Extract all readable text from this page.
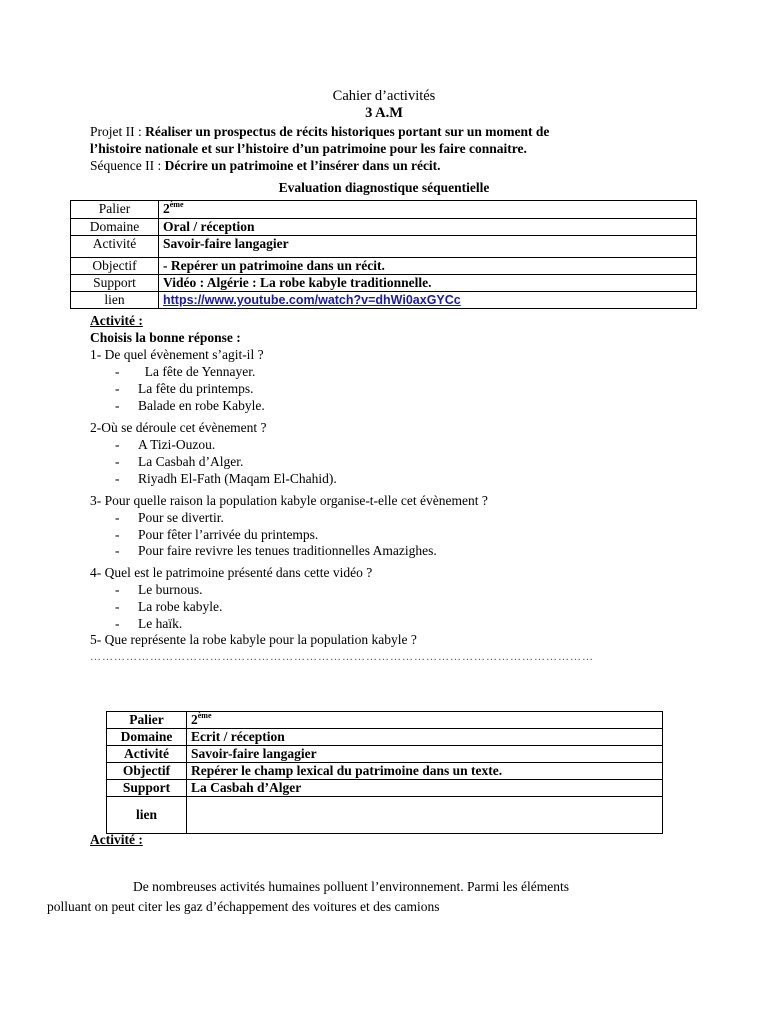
Cahier d’activités
3 A.M
Projet II : Réaliser un prospectus de récits historiques portant sur un moment de
l’histoire nationale et sur l’histoire d’un patrimoine pour les faire connaitre.
Séquence II : Décrire un patrimoine et l’insérer dans un récit.
Evaluation diagnostique séquentielle
Palier	2ème
Domaine	Oral / réception
Activité	Savoir-faire langagier
Objectif	- Repérer un patrimoine dans un récit.
Support	Vidéo : Algérie : La robe kabyle traditionnelle.
lien	https://www.youtube.com/watch?v=dhWi0axGYCc
Activité :
Choisis la bonne réponse :
1- De quel évènement s’agit-il ?
- La fête de Yennayer.
- La fête du printemps.
- Balade en robe Kabyle.
2-Où se déroule cet évènement ?
- A Tizi-Ouzou.
- La Casbah d’Alger.
- Riyadh El-Fath (Maqam El-Chahid).
3- Pour quelle raison la population kabyle organise-t-elle cet évènement ?
- Pour se divertir.
- Pour fêter l’arrivée du printemps.
- Pour faire revivre les tenues traditionnelles Amazighes.
4- Quel est le patrimoine présenté dans cette vidéo ?
- Le burnous.
- La robe kabyle.
- Le haïk.
5- Que représente la robe kabyle pour la population kabyle ?
………………………………………………………………………………………………………………
Palier	2ème
Domaine	Ecrit / réception
Activité	Savoir-faire langagier
Objectif	Repérer le champ lexical du patrimoine dans un texte.
Support	La Casbah d’Alger
lien	
Activité :
De nombreuses activités humaines polluent l’environnement. Parmi les éléments
polluant on peut citer les gaz d’échappement des voitures et des camions
